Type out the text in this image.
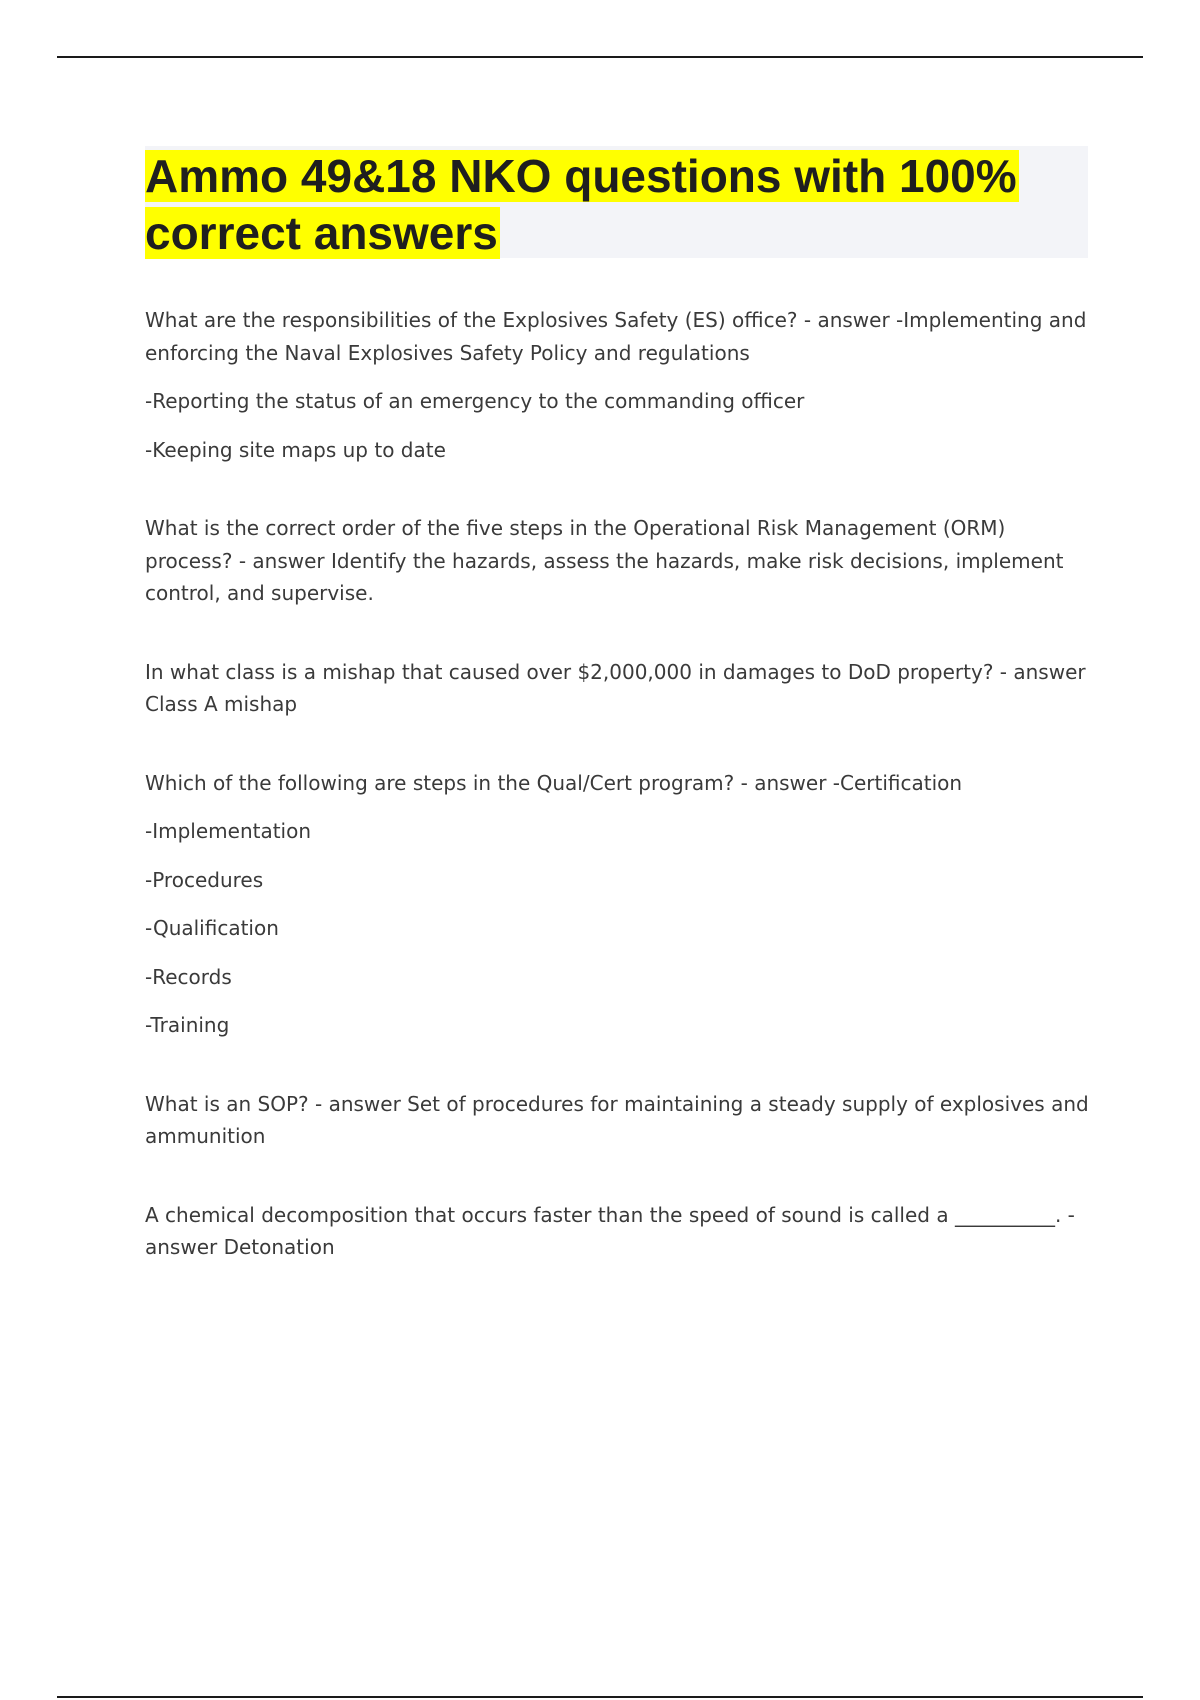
Ammo 49&18 NKO questions with 100% correct answers

What are the responsibilities of the Explosives Safety (ES) office? - answer -Implementing and enforcing the Naval Explosives Safety Policy and regulations

-Reporting the status of an emergency to the commanding officer

-Keeping site maps up to date

What is the correct order of the five steps in the Operational Risk Management (ORM) process? - answer Identify the hazards, assess the hazards, make risk decisions, implement control, and supervise.

In what class is a mishap that caused over $2,000,000 in damages to DoD property? - answer Class A mishap

Which of the following are steps in the Qual/Cert program? - answer -Certification

-Implementation

-Procedures

-Qualification

-Records

-Training

What is an SOP? - answer Set of procedures for maintaining a steady supply of explosives and ammunition

A chemical decomposition that occurs faster than the speed of sound is called a __________. - answer Detonation
